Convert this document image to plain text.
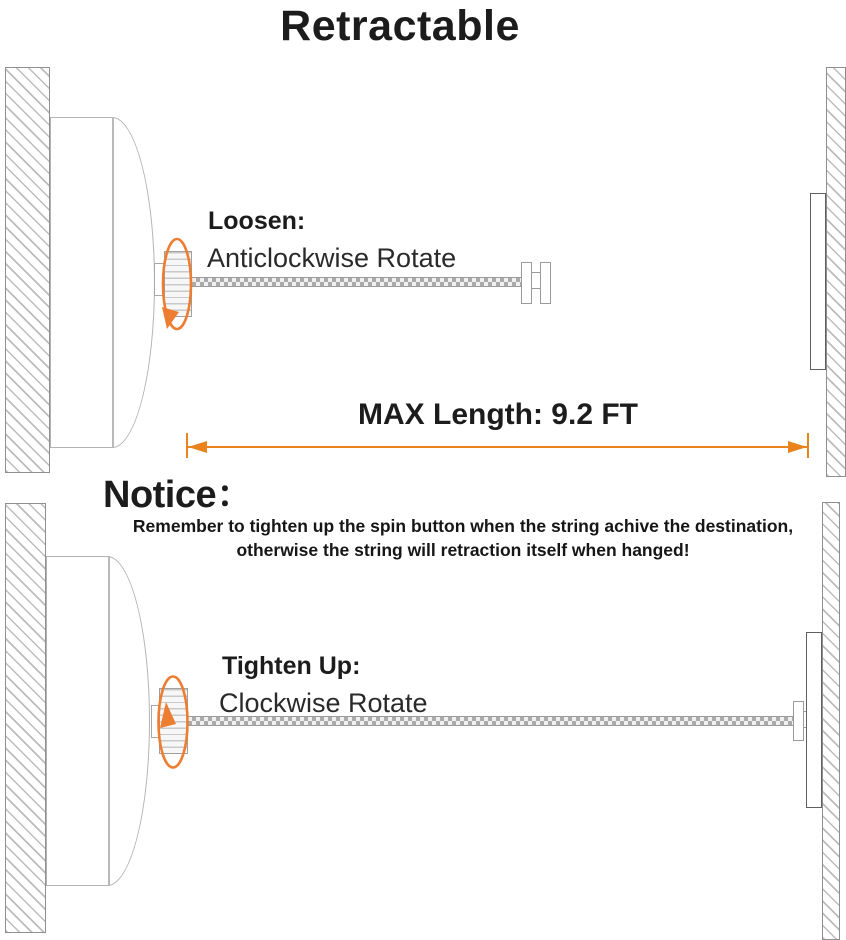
Retractable
Loosen:
Anticlockwise Rotate
MAX Length: 9.2 FT
Notice：
Remember to tighten up the spin button when the string achive the destination,
otherwise the string will retraction itself when hanged!
Tighten Up:
Clockwise Rotate
